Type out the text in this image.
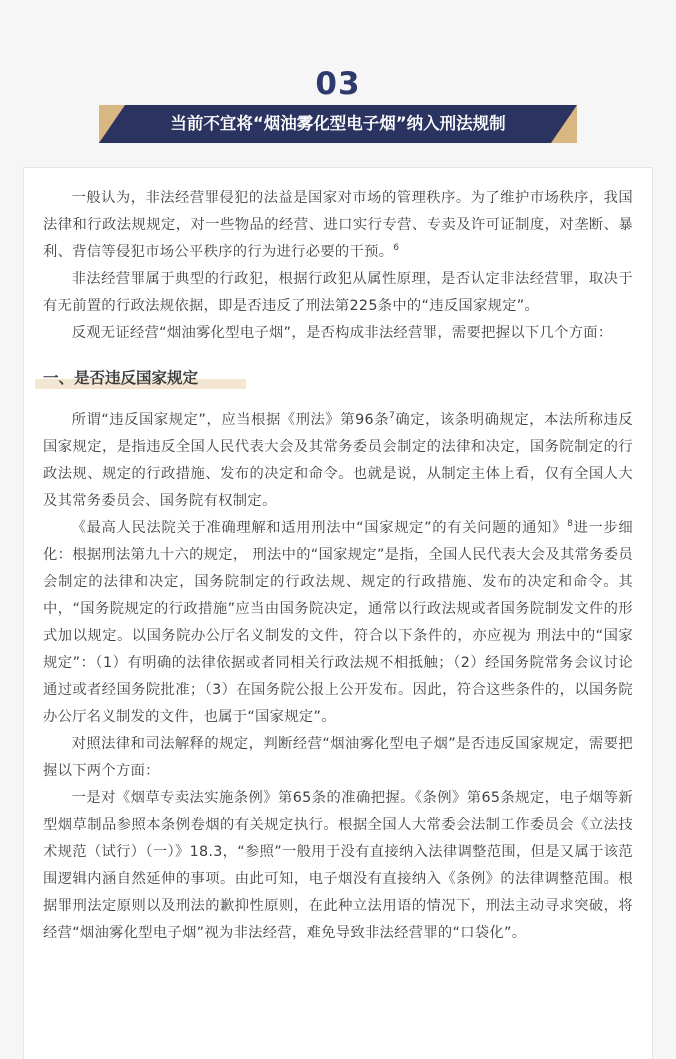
03
当前不宜将“烟油雾化型电子烟”纳入刑法规制

一般认为，非法经营罪侵犯的法益是国家对市场的管理秩序。为了维护市场秩序，我国法律和行政法规规定，对一些物品的经营、进口实行专营、专卖及许可证制度，对垄断、暴利、背信等侵犯市场公平秩序的行为进行必要的干预。$^6$

非法经营罪属于典型的行政犯，根据行政犯从属性原理，是否认定非法经营罪，取决于有无前置的行政法规依据，即是否违反了刑法第225条中的“违反国家规定”。

反观无证经营“烟油雾化型电子烟”，是否构成非法经营罪，需要把握以下几个方面：

一、是否违反国家规定

所谓“违反国家规定”，应当根据《刑法》第96条$^7$确定，该条明确规定，本法所称违反国家规定，是指违反全国人民代表大会及其常务委员会制定的法律和决定，国务院制定的行政法规、规定的行政措施、发布的决定和命令。也就是说，从制定主体上看，仅有全国人大及其常务委员会、国务院有权制定。

《最高人民法院关于准确理解和适用刑法中“国家规定”的有关问题的通知》$^8$进一步细化：根据刑法第九十六的规定， 刑法中的“国家规定”是指，全国人民代表大会及其常务委员会制定的法律和决定，国务院制定的行政法规、规定的行政措施、发布的决定和命令。其中，“国务院规定的行政措施”应当由国务院决定，通常以行政法规或者国务院制发文件的形式加以规定。以国务院办公厅名义制发的文件，符合以下条件的，亦应视为 刑法中的“国家规定”：（1）有明确的法律依据或者同相关行政法规不相抵触；（2）经国务院常务会议讨论通过或者经国务院批准；（3）在国务院公报上公开发布。因此，符合这些条件的，以国务院办公厅名义制发的文件，也属于“国家规定”。

对照法律和司法解释的规定，判断经营“烟油雾化型电子烟”是否违反国家规定，需要把握以下两个方面：

一是对《烟草专卖法实施条例》第65条的准确把握。《条例》第65条规定，电子烟等新型烟草制品参照本条例卷烟的有关规定执行。根据全国人大常委会法制工作委员会《立法技术规范（试行）（一）》18.3，“参照”一般用于没有直接纳入法律调整范围，但是又属于该范围逻辑内涵自然延伸的事项。由此可知，电子烟没有直接纳入《条例》的法律调整范围。根据罪刑法定原则以及刑法的歉抑性原则，在此种立法用语的情况下，刑法主动寻求突破，将经营“烟油雾化型电子烟”视为非法经营，难免导致非法经营罪的“口袋化”。
